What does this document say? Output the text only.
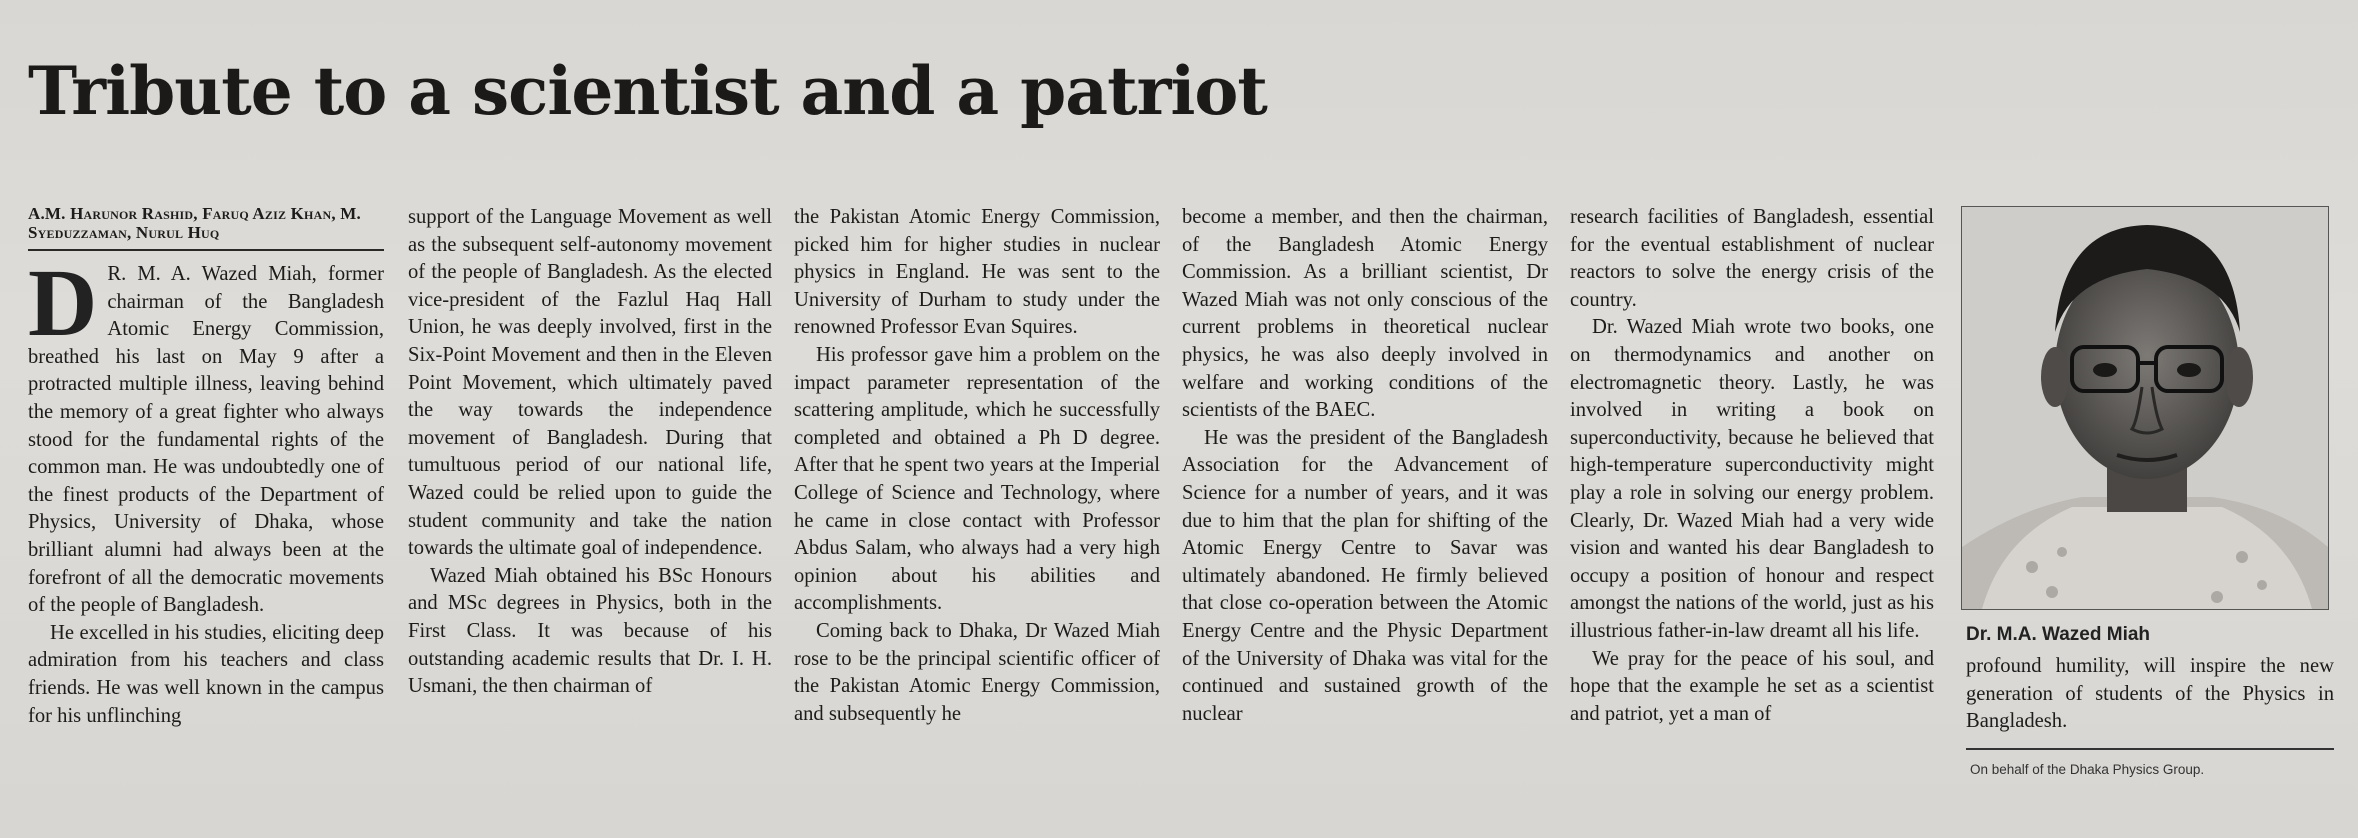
Tribute to a scientist and a patriot
A.M. Harunor Rashid, Faruq Aziz Khan, M. Syeduzzaman, Nurul Huq

D R. M. A. Wazed Miah, former chairman of the Bangladesh Atomic Energy Commission, breathed his last on May 9 after a protracted multiple illness, leaving behind the memory of a great fighter who always stood for the fundamental rights of the common man. He was undoubtedly one of the finest products of the Department of Physics, University of Dhaka, whose brilliant alumni had always been at the forefront of all the democratic movements of the people of Bangladesh.

He excelled in his studies, eliciting deep admiration from his teachers and class friends. He was well known in the campus for his unflinching

support of the Language Movement as well as the subsequent self-autonomy movement of the people of Bangladesh. As the elected vice-president of the Fazlul Haq Hall Union, he was deeply involved, first in the Six-Point Movement and then in the Eleven Point Movement, which ultimately paved the way towards the independence movement of Bangladesh. During that tumultuous period of our national life, Wazed could be relied upon to guide the student community and take the nation towards the ultimate goal of independence.

Wazed Miah obtained his BSc Honours and MSc degrees in Physics, both in the First Class. It was because of his outstanding academic results that Dr. I. H. Usmani, the then chairman of

the Pakistan Atomic Energy Commission, picked him for higher studies in nuclear physics in England. He was sent to the University of Durham to study under the renowned Professor Evan Squires.

His professor gave him a problem on the impact parameter representation of the scattering amplitude, which he successfully completed and obtained a Ph D degree. After that he spent two years at the Imperial College of Science and Technology, where he came in close contact with Professor Abdus Salam, who always had a very high opinion about his abilities and accomplishments.

Coming back to Dhaka, Dr Wazed Miah rose to be the principal scientific officer of the Pakistan Atomic Energy Commission, and subsequently he

become a member, and then the chairman, of the Bangladesh Atomic Energy Commission. As a brilliant scientist, Dr Wazed Miah was not only conscious of the current problems in theoretical nuclear physics, he was also deeply involved in welfare and working conditions of the scientists of the BAEC.

He was the president of the Bangladesh Association for the Advancement of Science for a number of years, and it was due to him that the plan for shifting of the Atomic Energy Centre to Savar was ultimately abandoned. He firmly believed that close co-operation between the Atomic Energy Centre and the Physic Department of the University of Dhaka was vital for the continued and sustained growth of the nuclear

research facilities of Bangladesh, essential for the eventual establishment of nuclear reactors to solve the energy crisis of the country.

Dr. Wazed Miah wrote two books, one on thermodynamics and another on electromagnetic theory. Lastly, he was involved in writing a book on superconductivity, because he believed that high-temperature superconductivity might play a role in solving our energy problem. Clearly, Dr. Wazed Miah had a very wide vision and wanted his dear Bangladesh to occupy a position of honour and respect amongst the nations of the world, just as his illustrious father-in-law dreamt all his life.

We pray for the peace of his soul, and hope that the example he set as a scientist and patriot, yet a man of

Dr. M.A. Wazed Miah

profound humility, will inspire the new generation of students of the Physics in Bangladesh.

On behalf of the Dhaka Physics Group.
